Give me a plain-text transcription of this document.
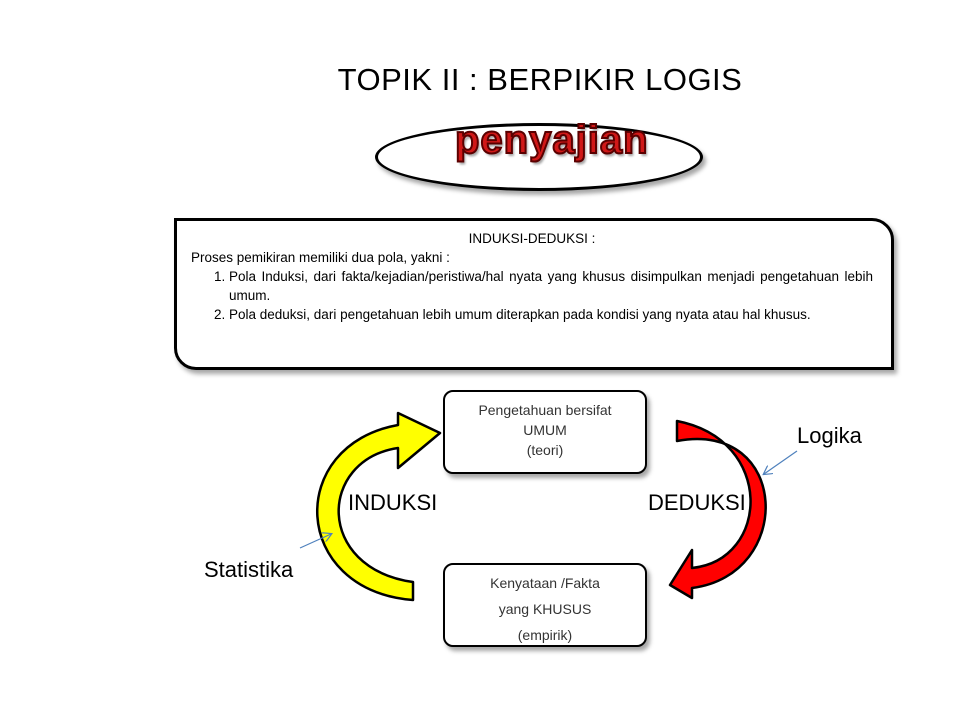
TOPIK II : BERPIKIR LOGIS
penyajian
INDUKSI-DEDUKSI :
Proses pemikiran memiliki dua pola, yakni :
1. Pola Induksi, dari fakta/kejadian/peristiwa/hal nyata yang khusus disimpulkan menjadi pengetahuan lebih umum.
2. Pola deduksi, dari pengetahuan lebih umum diterapkan pada kondisi yang nyata atau hal khusus.
Pengetahuan bersifat
UMUM
(teori)
Kenyataan /Fakta
yang KHUSUS
(empirik)
INDUKSI	DEDUKSI
Logika
Statistika
